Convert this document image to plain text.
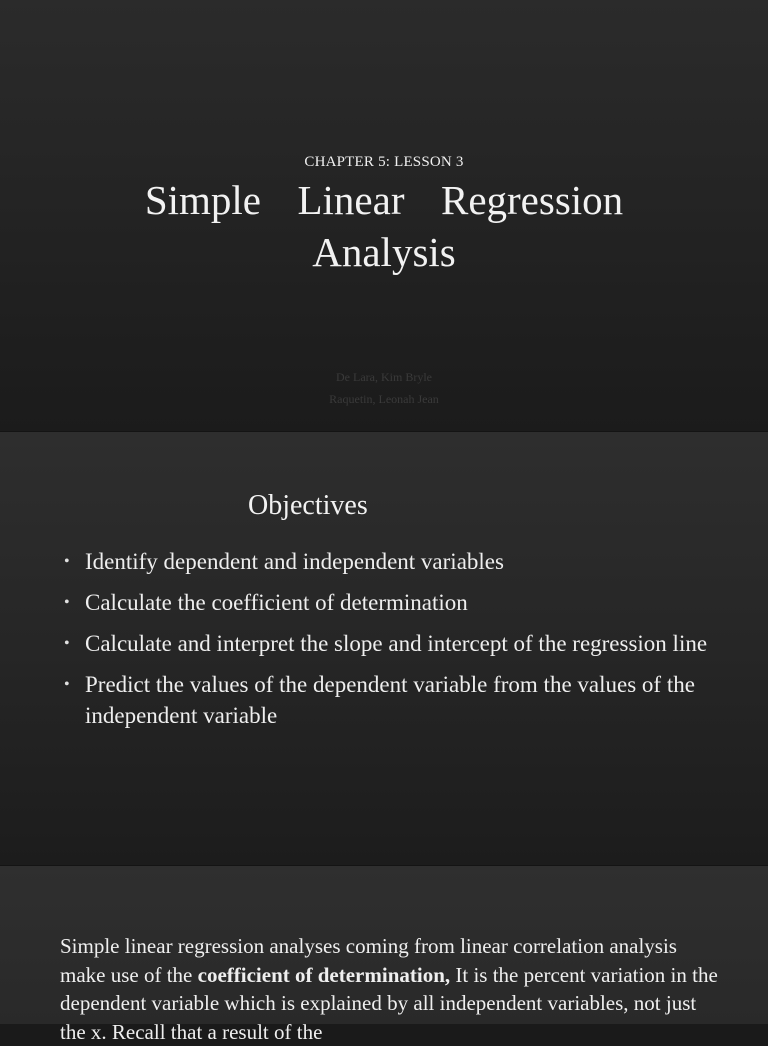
CHAPTER 5: LESSON 3
Simple  Linear  Regression
Analysis
De Lara, Kim Bryle
Raquetin, Leonah Jean
Objectives
• Identify dependent and independent variables
• Calculate the coefficient of determination
• Calculate and interpret the slope and intercept of the regression line
• Predict the values of the dependent variable from the values of the independent variable

Simple linear regression analyses coming from linear correlation analysis make use of the coefficient of determination, It is the percent variation in the dependent variable which is explained by all independent variables, not just the x. Recall that a result of the
